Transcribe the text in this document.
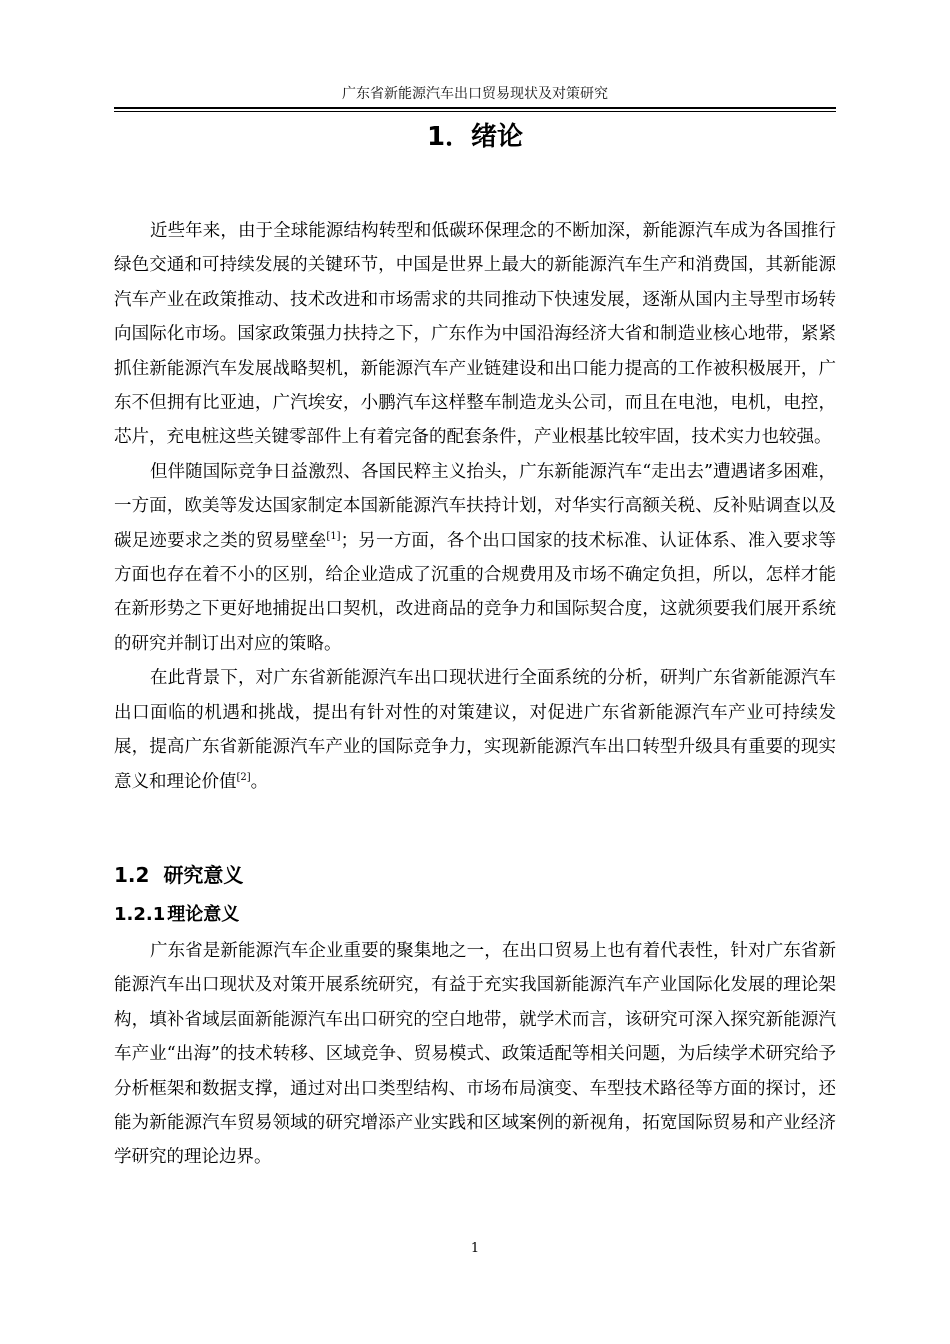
广东省新能源汽车出口贸易现状及对策研究
1．绪论

近些年来，由于全球能源结构转型和低碳环保理念的不断加深，新能源汽车成为各国推行绿色交通和可持续发展的关键环节，中国是世界上最大的新能源汽车生产和消费国，其新能源汽车产业在政策推动、技术改进和市场需求的共同推动下快速发展，逐渐从国内主导型市场转向国际化市场。国家政策强力扶持之下，广东作为中国沿海经济大省和制造业核心地带，紧紧抓住新能源汽车发展战略契机，新能源汽车产业链建设和出口能力提高的工作被积极展开，广东不但拥有比亚迪，广汽埃安，小鹏汽车这样整车制造龙头公司，而且在电池，电机，电控，芯片，充电桩这些关键零部件上有着完备的配套条件，产业根基比较牢固，技术实力也较强。

但伴随国际竞争日益激烈、各国民粹主义抬头，广东新能源汽车“走出去”遭遇诸多困难，一方面，欧美等发达国家制定本国新能源汽车扶持计划，对华实行高额关税、反补贴调查以及碳足迹要求之类的贸易壁垒[1]；另一方面，各个出口国家的技术标准、认证体系、准入要求等方面也存在着不小的区别，给企业造成了沉重的合规费用及市场不确定负担，所以，怎样才能在新形势之下更好地捕捉出口契机，改进商品的竞争力和国际契合度，这就须要我们展开系统的研究并制订出对应的策略。

在此背景下，对广东省新能源汽车出口现状进行全面系统的分析，研判广东省新能源汽车出口面临的机遇和挑战，提出有针对性的对策建议，对促进广东省新能源汽车产业可持续发展，提高广东省新能源汽车产业的国际竞争力，实现新能源汽车出口转型升级具有重要的现实意义和理论价值[2]。

1.2 研究意义
1.2.1 理论意义

广东省是新能源汽车企业重要的聚集地之一，在出口贸易上也有着代表性，针对广东省新能源汽车出口现状及对策开展系统研究，有益于充实我国新能源汽车产业国际化发展的理论架构，填补省域层面新能源汽车出口研究的空白地带，就学术而言，该研究可深入探究新能源汽车产业“出海”的技术转移、区域竞争、贸易模式、政策适配等相关问题，为后续学术研究给予分析框架和数据支撑，通过对出口类型结构、市场布局演变、车型技术路径等方面的探讨，还能为新能源汽车贸易领域的研究增添产业实践和区域案例的新视角，拓宽国际贸易和产业经济学研究的理论边界。

1
